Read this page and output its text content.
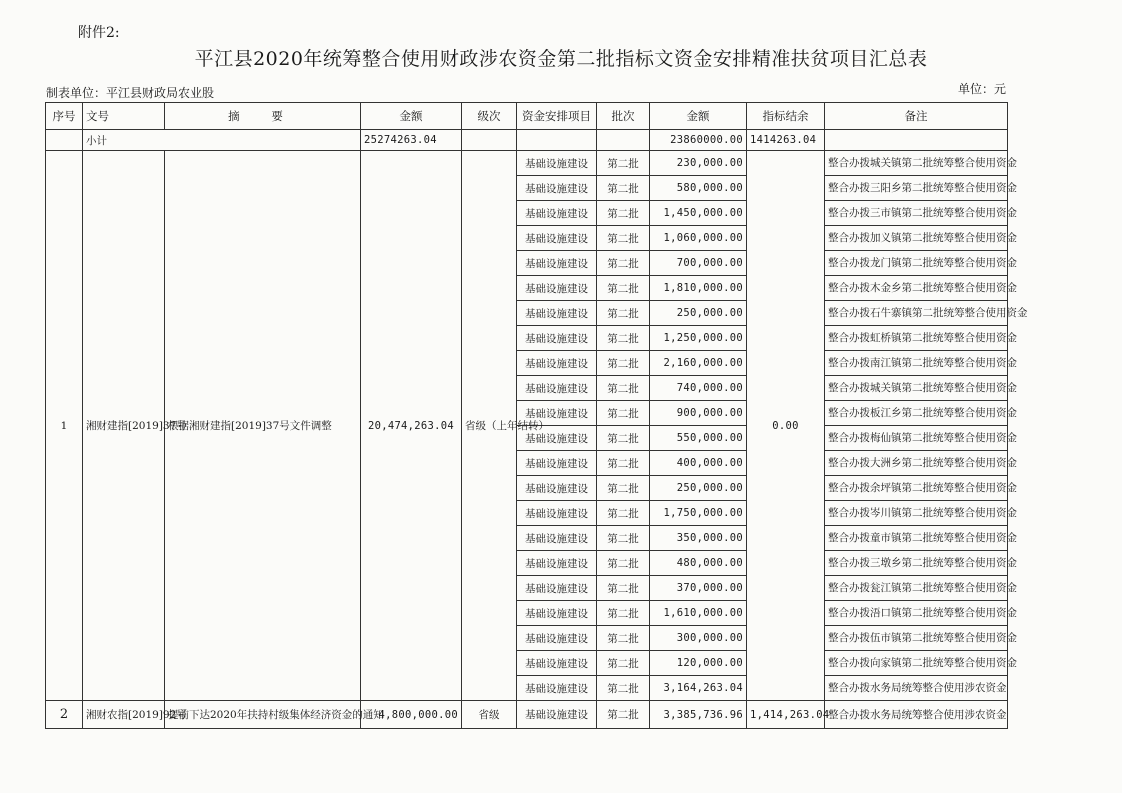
附件2:
平江县2020年统筹整合使用财政涉农资金第二批指标文资金安排精准扶贫项目汇总表
制表单位：平江县财政局农业股	单位：元
序号	文号	摘 要	金额	级次	资金安排项目	批次	金额	指标结余	备注
	小计		25274263.04				23860000.00	1414263.04	
1	湘财建指[2019]37号	根据湘财建指[2019]37号文件调整	20,474,263.04	省级（上年结转）	基础设施建设	第二批	230,000.00	0.00	整合办拨城关镇第二批统筹整合使用资金
					基础设施建设	第二批	580,000.00		整合办拨三阳乡第二批统筹整合使用资金
					基础设施建设	第二批	1,450,000.00		整合办拨三市镇第二批统筹整合使用资金
					基础设施建设	第二批	1,060,000.00		整合办拨加义镇第二批统筹整合使用资金
					基础设施建设	第二批	700,000.00		整合办拨龙门镇第二批统筹整合使用资金
					基础设施建设	第二批	1,810,000.00		整合办拨木金乡第二批统筹整合使用资金
					基础设施建设	第二批	250,000.00		整合办拨石牛寨镇第二批统筹整合使用资金
					基础设施建设	第二批	1,250,000.00		整合办拨虹桥镇第二批统筹整合使用资金
					基础设施建设	第二批	2,160,000.00		整合办拨南江镇第二批统筹整合使用资金
					基础设施建设	第二批	740,000.00		整合办拨城关镇第二批统筹整合使用资金
					基础设施建设	第二批	900,000.00		整合办拨板江乡第二批统筹整合使用资金
					基础设施建设	第二批	550,000.00		整合办拨梅仙镇第二批统筹整合使用资金
					基础设施建设	第二批	400,000.00		整合办拨大洲乡第二批统筹整合使用资金
					基础设施建设	第二批	250,000.00		整合办拨余坪镇第二批统筹整合使用资金
					基础设施建设	第二批	1,750,000.00		整合办拨岑川镇第二批统筹整合使用资金
					基础设施建设	第二批	350,000.00		整合办拨童市镇第二批统筹整合使用资金
					基础设施建设	第二批	480,000.00		整合办拨三墩乡第二批统筹整合使用资金
					基础设施建设	第二批	370,000.00		整合办拨瓮江镇第二批统筹整合使用资金
					基础设施建设	第二批	1,610,000.00		整合办拨浯口镇第二批统筹整合使用资金
					基础设施建设	第二批	300,000.00		整合办拨伍市镇第二批统筹整合使用资金
					基础设施建设	第二批	120,000.00		整合办拨向家镇第二批统筹整合使用资金
					基础设施建设	第二批	3,164,263.04		整合办拨水务局统筹整合使用涉农资金
2	湘财农指[2019]92号	提前下达2020年扶持村级集体经济资金的通知	4,800,000.00	省级	基础设施建设	第二批	3,385,736.96	1,414,263.04	整合办拨水务局统筹整合使用涉农资金
